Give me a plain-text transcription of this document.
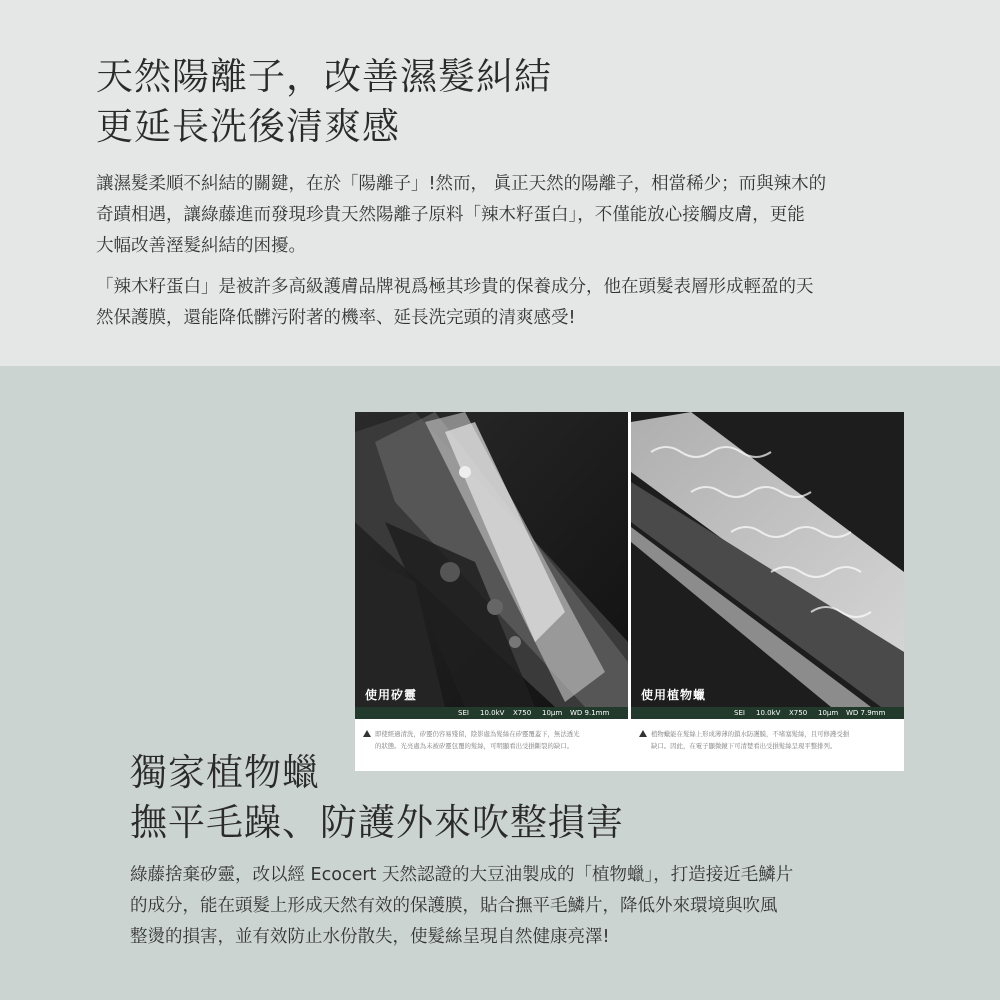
天然陽離子，改善濕髮糾結
更延長洗後清爽感
讓濕髮柔順不糾結的關鍵，在於「陽離子」!然而， 眞正天然的陽離子，相當稀少；而與辣木的
奇蹟相遇，讓綠藤進而發現珍貴天然陽離子原料「辣木籽蛋白」，不僅能放心接觸皮膚，更能
大幅改善溼髮糾結的困擾。
「辣木籽蛋白」是被許多高級護膚品牌視爲極其珍貴的保養成分，他在頭髮表層形成輕盈的天
然保護膜，還能降低髒污附著的機率、延長洗完頭的清爽感受!
使用矽靈	使用植物蠟
SEI 10.0kV X750 10μm WD 9.1mm	SEI 10.0kV X750 10μm WD 7.9mm
即使經過清洗，矽靈仍容易殘留，陰影處為髮絲在矽靈覆蓋下，無法透光
的狀態。光亮處為未被矽靈包覆的髮絲，可明顯看出受損斷裂的缺口。
植物蠟能在髮絲上形成薄薄的鎖水防護膜，不堵塞髮絲，且可修護受損
缺口。因此，在電子顯微鏡下可清楚看出受損髮絲呈現平整排列。
獨家植物蠟
撫平毛躁、防護外來吹整損害
綠藤捨棄矽靈，改以經 Ecocert 天然認證的大豆油製成的「植物蠟」，打造接近毛鱗片
的成分，能在頭髮上形成天然有效的保護膜，貼合撫平毛鱗片，降低外來環境與吹風
整燙的損害，並有效防止水份散失，使髮絲呈現自然健康亮澤!
